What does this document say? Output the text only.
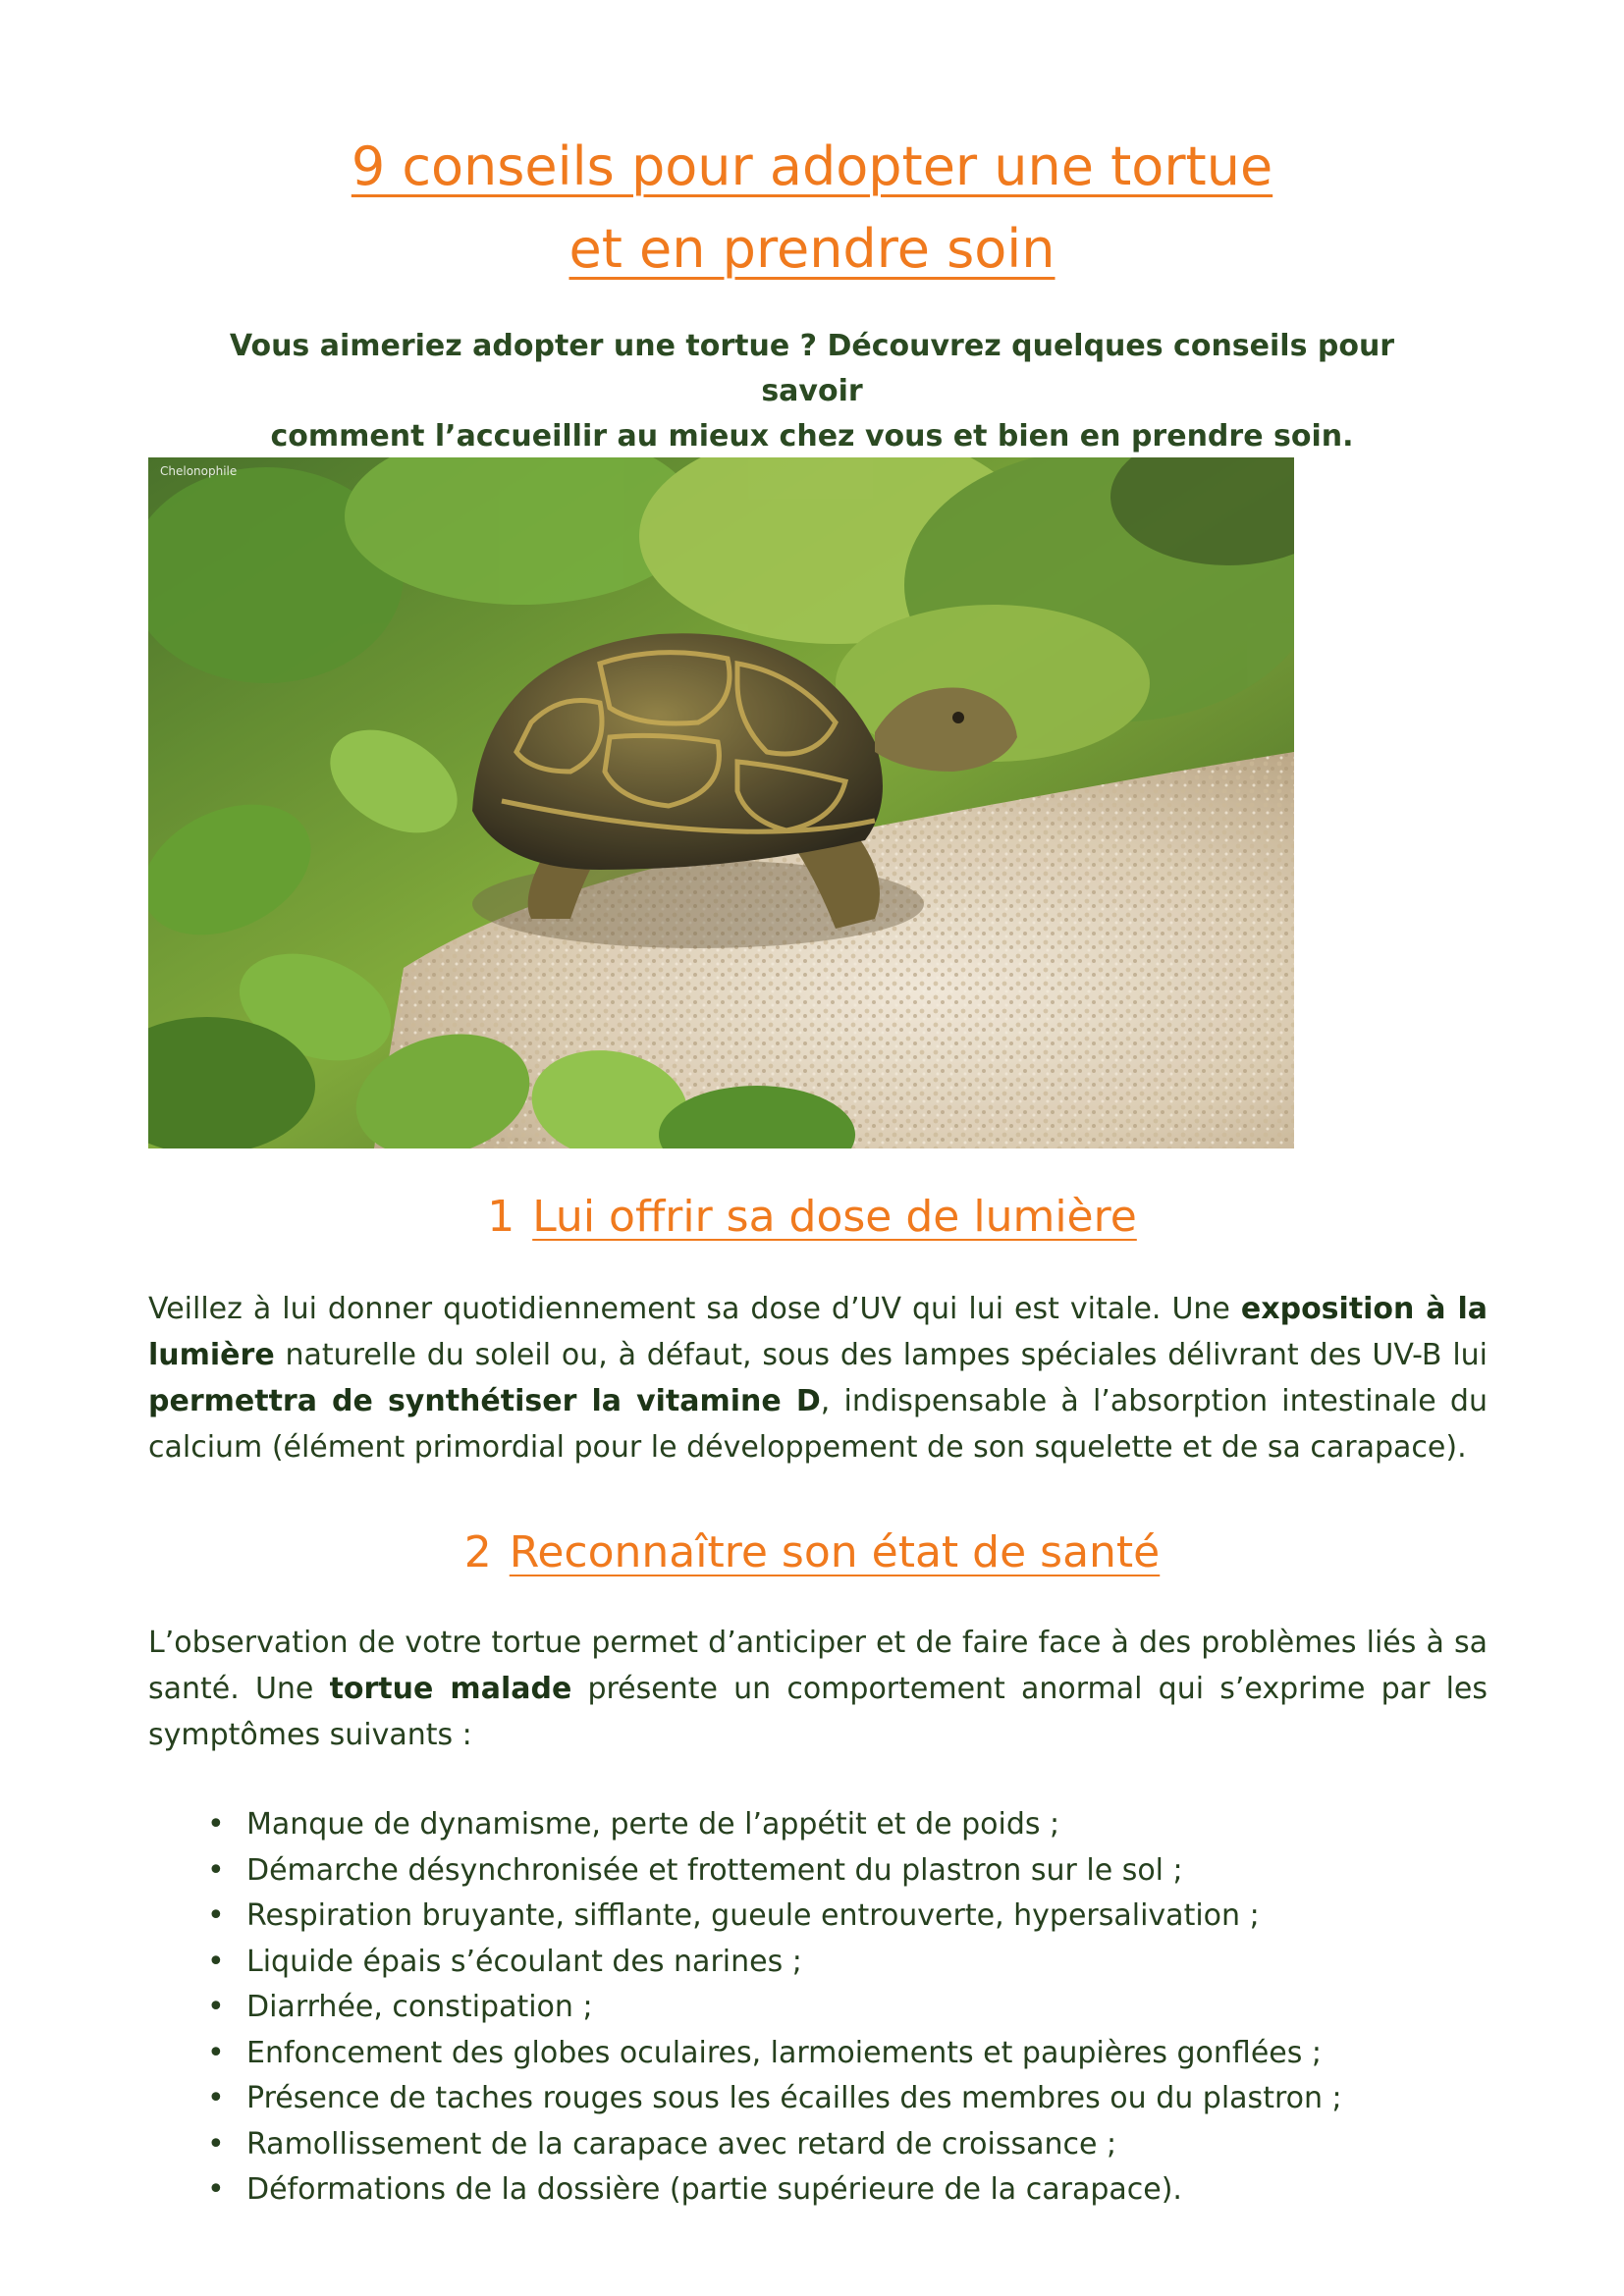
9 conseils pour adopter une tortue
et en prendre soin

Vous aimeriez adopter une tortue ? Découvrez quelques conseils pour savoir
comment l’accueillir au mieux chez vous et bien en prendre soin.

Chelonophile
1 Lui offrir sa dose de lumière

Veillez à lui donner quotidiennement sa dose d’UV qui lui est vitale. Une exposition à la lumière naturelle du soleil ou, à défaut, sous des lampes spéciales délivrant des UV-B lui permettra de synthétiser la vitamine D, indispensable à l’absorption intestinale du calcium (élément primordial pour le développement de son squelette et de sa carapace).

2 Reconnaître son état de santé

L’observation de votre tortue permet d’anticiper et de faire face à des problèmes liés à sa santé. Une tortue malade présente un comportement anormal qui s’exprime par les symptômes suivants :

• Manque de dynamisme, perte de l’appétit et de poids ;
• Démarche désynchronisée et frottement du plastron sur le sol ;
• Respiration bruyante, sifflante, gueule entrouverte, hypersalivation ;
• Liquide épais s’écoulant des narines ;
• Diarrhée, constipation ;
• Enfoncement des globes oculaires, larmoiements et paupières gonflées ;
• Présence de taches rouges sous les écailles des membres ou du plastron ;
• Ramollissement de la carapace avec retard de croissance ;
• Déformations de la dossière (partie supérieure de la carapace).
